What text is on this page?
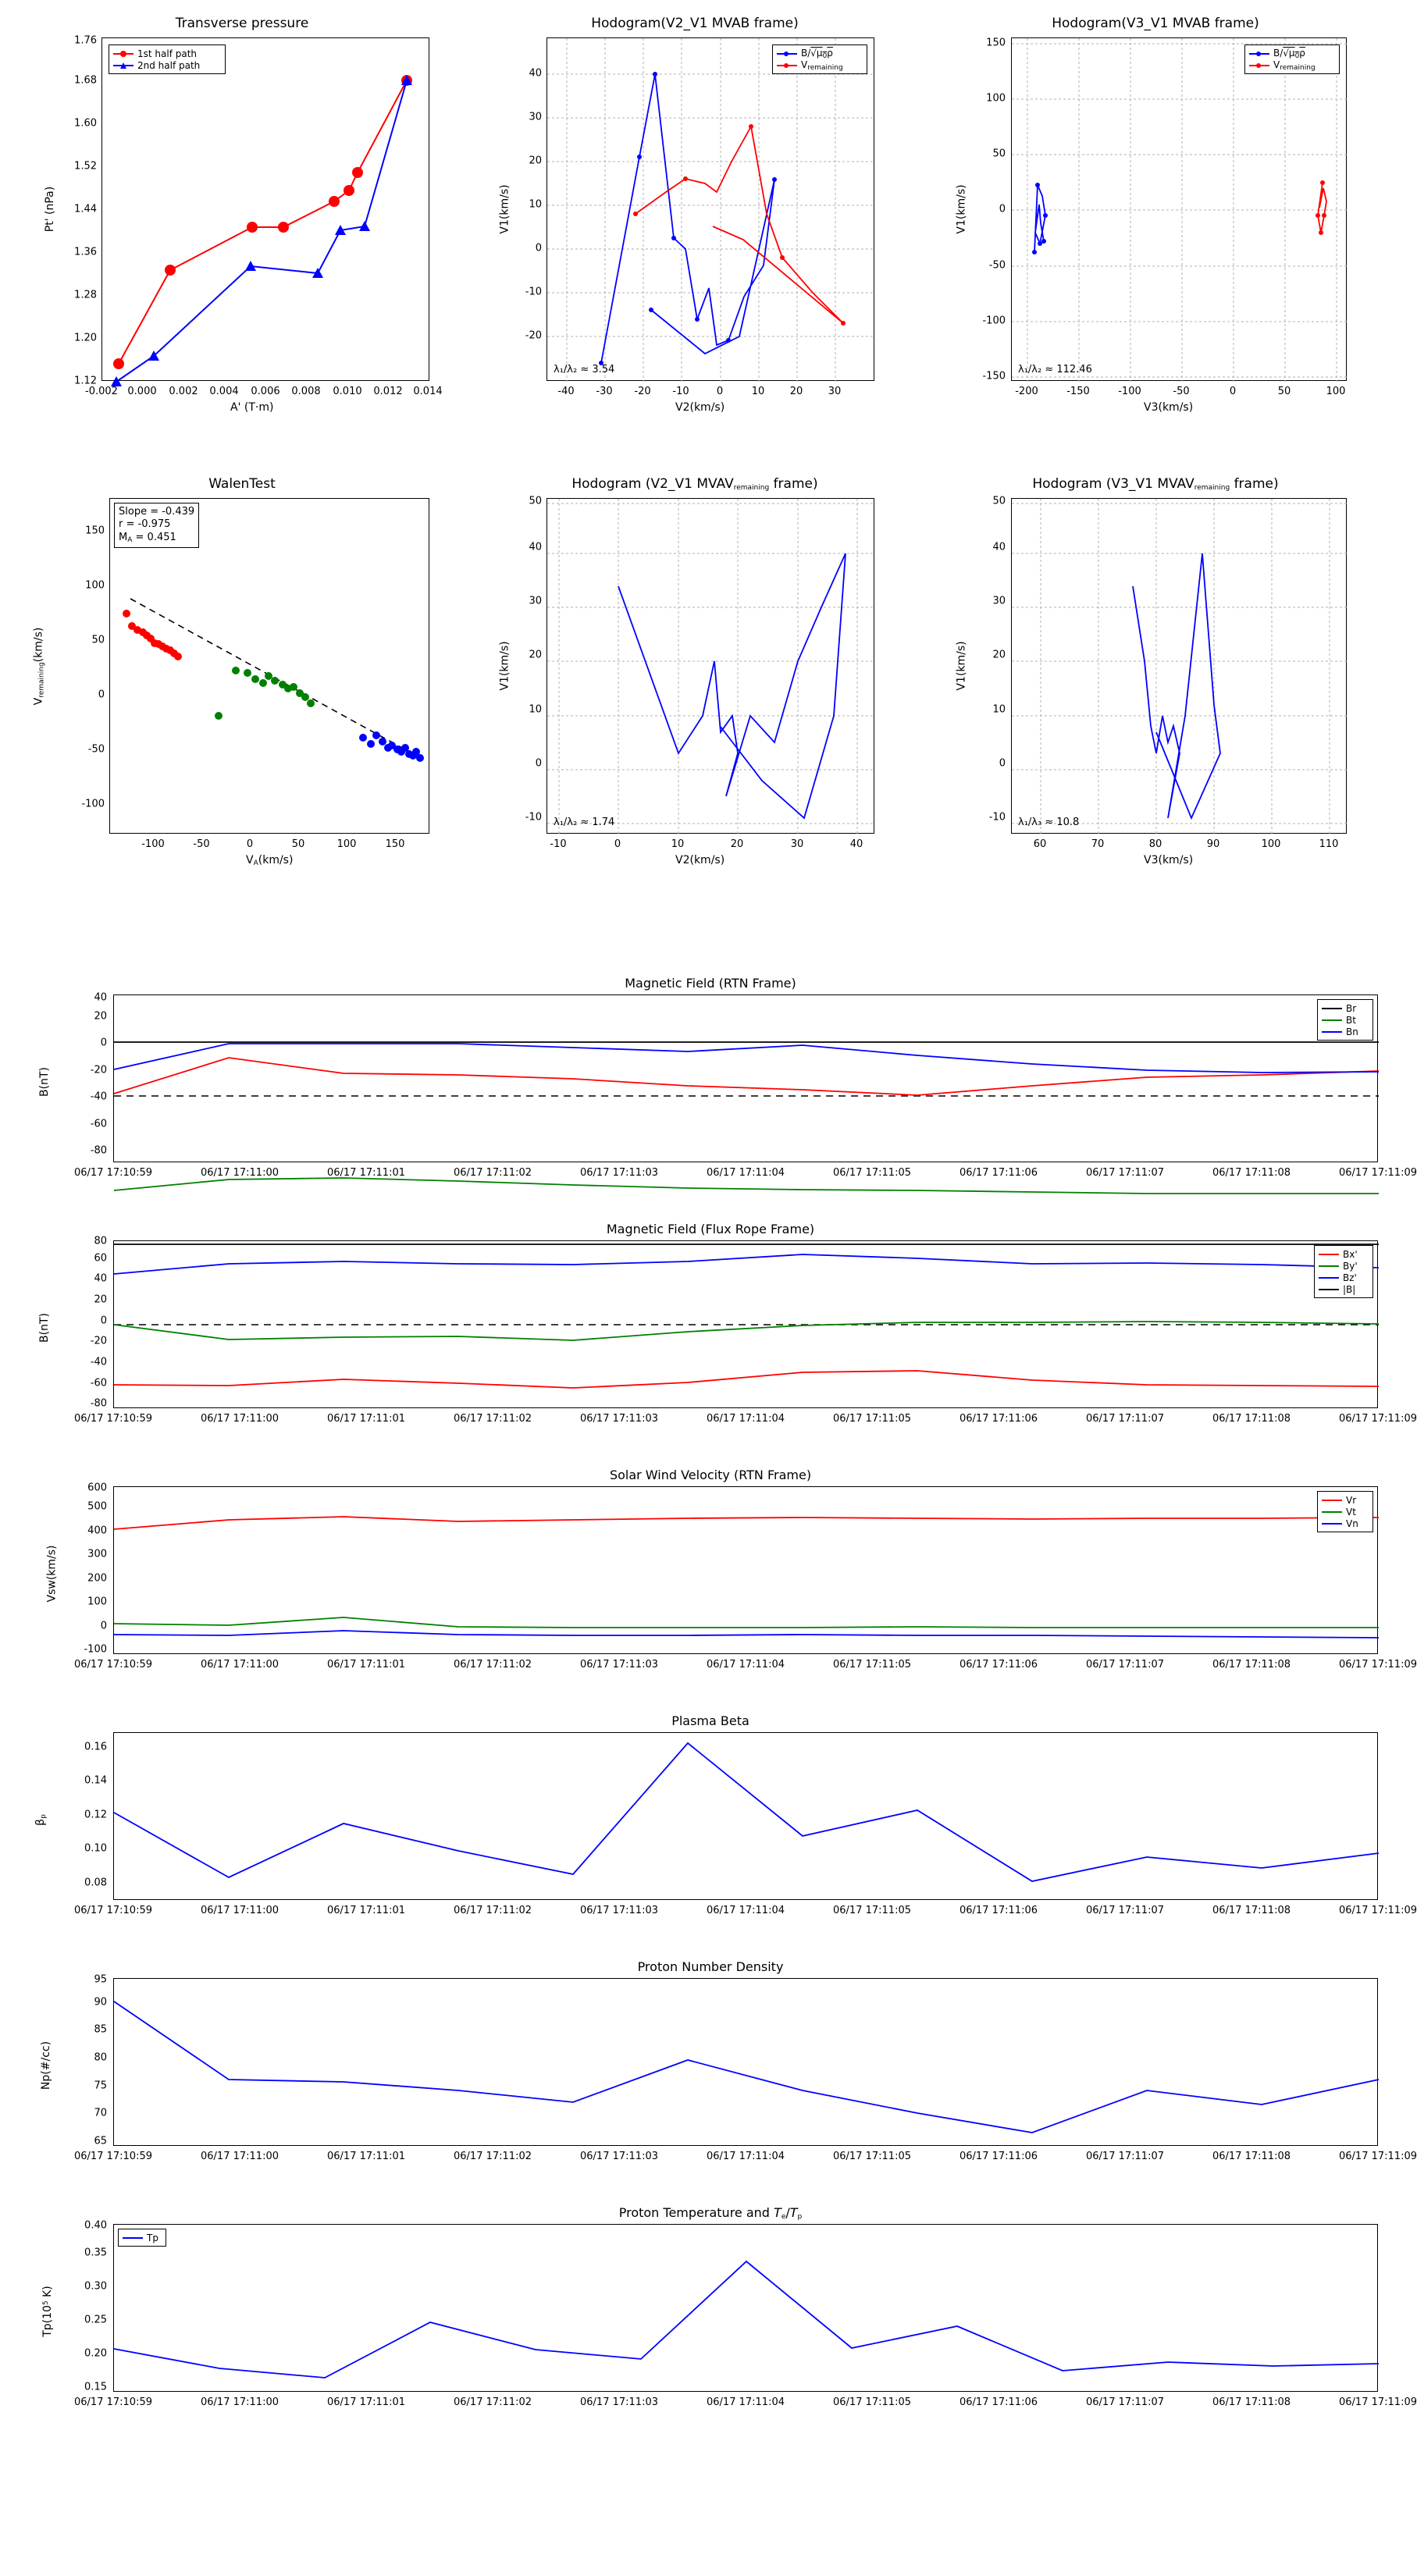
Transverse pressure
1st half path
2nd half path
1.12
1.20
1.28
1.36
1.44
1.52
1.60
1.68
1.76
-0.002 0.000 0.002 0.004 0.006 0.008 0.010 0.012 0.014
A' (T·m)
Pt' (nPa)
Hodogram(V2_V1 MVAB frame)
$B/√\mu_0\rho$
$V_{remaining}$
λ₁/λ₂ ≈ 3.54
-20
-10
0
10
20
30
40
-40 -30 -20 -10	0	10 20 30
V2(km/s)
V1(km/s)
Hodogram(V3_V1 MVAB frame)
$B/√\mu_0\rho$
$V_{remaining}$
λ₁/λ₂ ≈ 112.46
-150
-100
-50
0
50
100
150
-200	-150	-100	-50	0	50	100
V3(km/s)
V1(km/s)
WalenTest
Slope = -0.439
r = -0.975
$M_A = 0.451$
-100
-50
0
50
100
150
-100	-50	0	50	100	150
$V_A(km/s)$
$V_{remaining}(km/s)$
Hodogram (V2_V1 $MVAV_{remaining}$ frame)
λ₁/λ₂ ≈ 1.74
-10
0
10
20
30
40
50
-10	0	10	20	30	40
V2(km/s)
V1(km/s)
Hodogram (V3_V1 $MVAV_{remaining}$ frame)
λ₁/λ₃ ≈ 10.8
-10
0
10
20
30
40
50
60	70	80	90	100	110
V3(km/s)
V1(km/s)
Magnetic Field (RTN Frame)
Br
Bt
Bn
-80
-60
-40
-20
0
20
40
B(nT)
06/17 17:10:59	06/17 17:11:00	06/17 17:11:01	06/17 17:11:02	06/17 17:11:03	06/17 17:11:04	06/17 17:11:05	06/17 17:11:06	06/17 17:11:07	06/17 17:11:08	06/17 17:11:09
Magnetic Field (Flux Rope Frame)
Bx'
By'
Bz'
|B|
-80
-60
-40
-20
0
20
40
60
80
B(nT)
06/17 17:10:59	06/17 17:11:00	06/17 17:11:01	06/17 17:11:02	06/17 17:11:03	06/17 17:11:04	06/17 17:11:05	06/17 17:11:06	06/17 17:11:07	06/17 17:11:08	06/17 17:11:09
Solar Wind Velocity (RTN Frame)
Vr
Vt
Vn
-100
0
100
200
300
400
500
600
Vsw(km/s)
06/17 17:10:59	06/17 17:11:00	06/17 17:11:01	06/17 17:11:02	06/17 17:11:03	06/17 17:11:04	06/17 17:11:05	06/17 17:11:06	06/17 17:11:07	06/17 17:11:08	06/17 17:11:09
Plasma Beta
0.08
0.10
0.12
0.14
0.16
$\beta_p$
06/17 17:10:59	06/17 17:11:00	06/17 17:11:01	06/17 17:11:02	06/17 17:11:03	06/17 17:11:04	06/17 17:11:05	06/17 17:11:06	06/17 17:11:07	06/17 17:11:08	06/17 17:11:09
Proton Number Density
65
70
75
80
85
90
95
Np(#/cc)
06/17 17:10:59	06/17 17:11:00	06/17 17:11:01	06/17 17:11:02	06/17 17:11:03	06/17 17:11:04	06/17 17:11:05	06/17 17:11:06	06/17 17:11:07	06/17 17:11:08	06/17 17:11:09
Proton Temperature and $T_e/T_p$
Tp
0.15
0.20
0.25
0.30
0.35
0.40
$Tp(10^5$ K)
06/17 17:10:59	06/17 17:11:00	06/17 17:11:01	06/17 17:11:02	06/17 17:11:03	06/17 17:11:04	06/17 17:11:05	06/17 17:11:06	06/17 17:11:07	06/17 17:11:08	06/17 17:11:09
